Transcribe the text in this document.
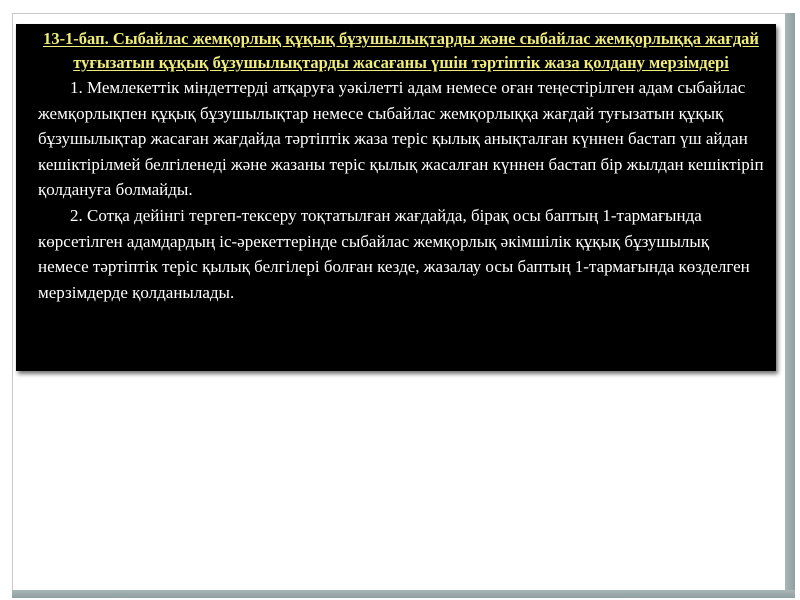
13-1-бап. Сыбайлас жемқорлық құқық бұзушылықтарды және сыбайлас жемқорлыққа жағдай туғызатын құқық бұзушылықтарды жасағаны үшін тәртіптік жаза қолдану мерзімдері

1. Мемлекеттік міндеттерді атқаруға уәкілетті адам немесе оған теңестірілген адам сыбайлас жемқорлықпен құқық бұзушылықтар немесе сыбайлас жемқорлыққа жағдай туғызатын құқық бұзушылықтар жасаған жағдайда тәртіптік жаза теріс қылық анықталған күннен бастап үш айдан кешіктірілмей белгіленеді және жазаны теріс қылық жасалған күннен бастап бір жылдан кешіктіріп қолдануға болмайды.

2. Сотқа дейінгі тергеп-тексеру тоқтатылған жағдайда, бірақ осы баптың 1-тармағында көрсетілген адамдардың іс-әрекеттерінде сыбайлас жемқорлық әкімшілік құқық бұзушылық немесе тәртіптік теріс қылық белгілері болған кезде, жазалау осы баптың 1-тармағында көзделген мерзімдерде қолданылады.
